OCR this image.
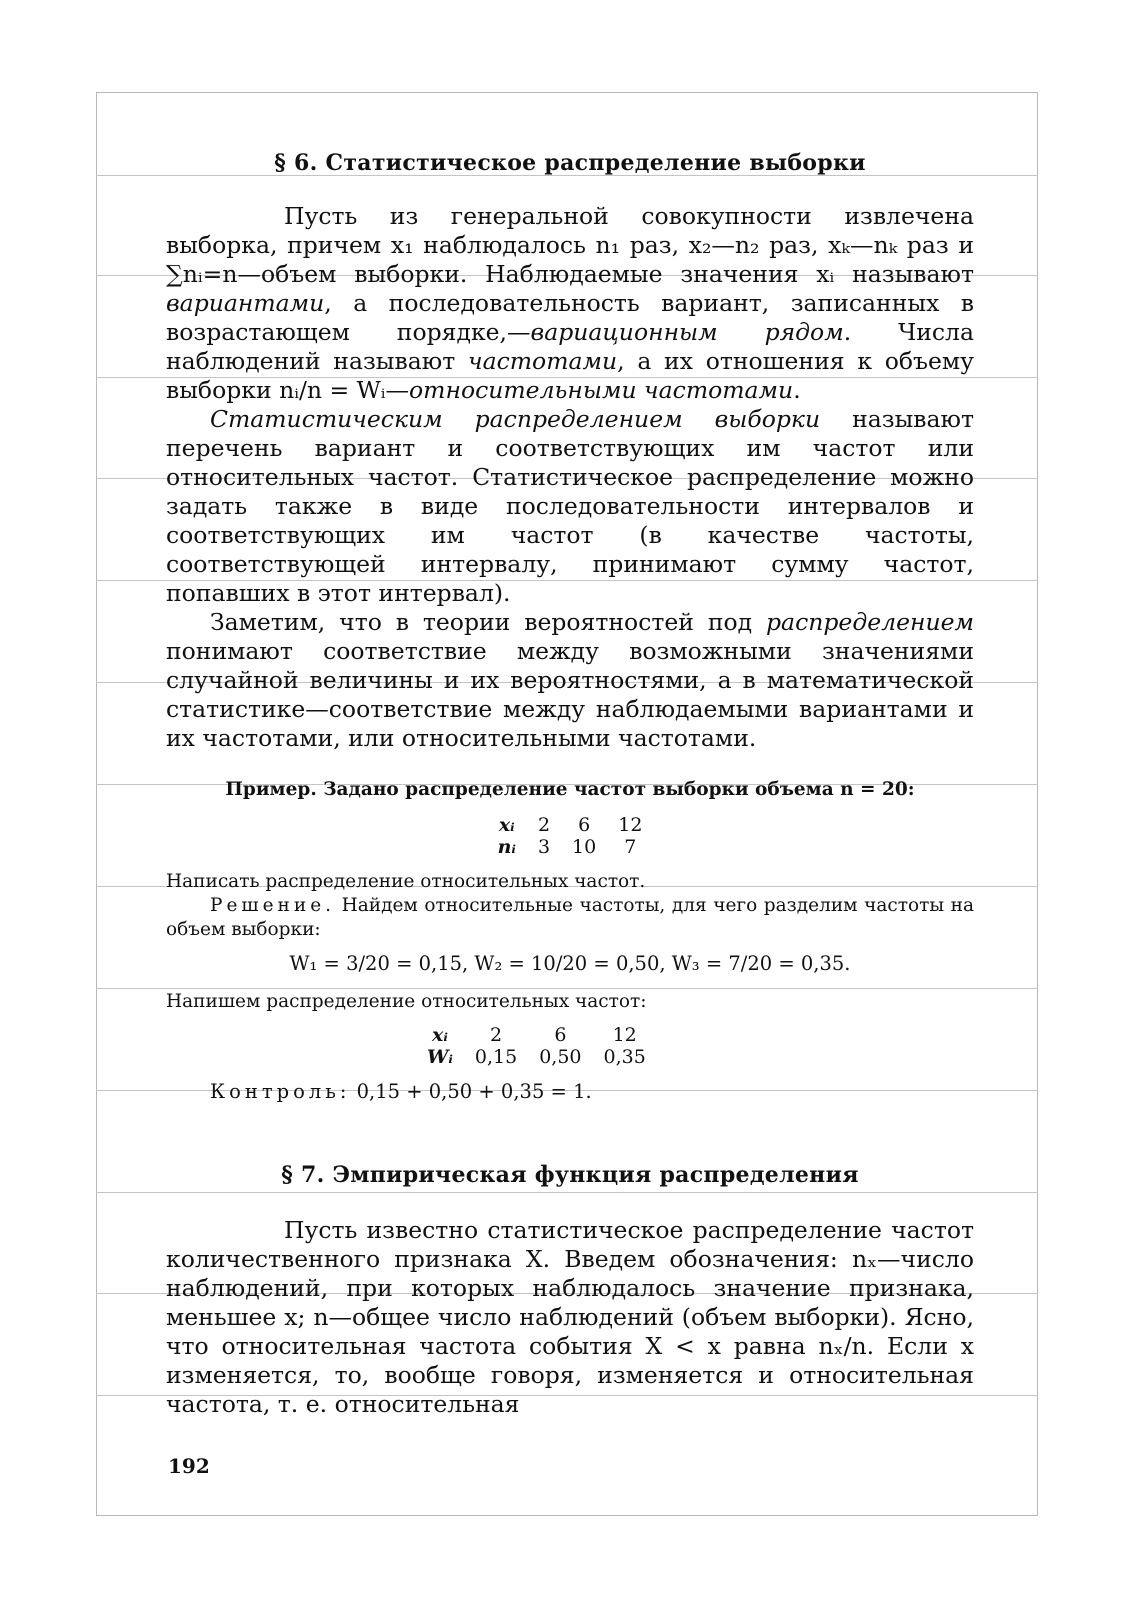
§ 6. Статистическое распределение выборки

Пусть из генеральной совокупности извлечена выборка, причем x₁ наблюдалось n₁ раз, x₂—n₂ раз, xₖ—nₖ раз и ∑nᵢ=n—объем выборки. Наблюдаемые значения xᵢ называют вариантами, а последовательность вариант, записанных в возрастающем порядке,—вариационным рядом. Числа наблюдений называют частотами, а их отношения к объему выборки nᵢ/n = Wᵢ—относительными частотами.

Статистическим распределением выборки называют перечень вариант и соответствующих им частот или относительных частот. Статистическое распределение можно задать также в виде последовательности интервалов и соответствующих им частот (в качестве частоты, соответствующей интервалу, принимают сумму частот, попавших в этот интервал).

Заметим, что в теории вероятностей под распределением понимают соответствие между возможными значениями случайной величины и их вероятностями, а в математической статистике—соответствие между наблюдаемыми вариантами и их частотами, или относительными частотами.

Пример. Задано распределение частот выборки объема n = 20:

xᵢ	2	6	12
nᵢ	3	10	7

Написать распределение относительных частот.

Решение. Найдем относительные частоты, для чего разделим частоты на объем выборки:

W₁ = 3/20 = 0,15, W₂ = 10/20 = 0,50, W₃ = 7/20 = 0,35.

Напишем распределение относительных частот:

xᵢ	2	6	12
Wᵢ	0,15	0,50	0,35

Контроль: 0,15 + 0,50 + 0,35 = 1.

§ 7. Эмпирическая функция распределения

Пусть известно статистическое распределение частот количественного признака X. Введем обозначения: nₓ—число наблюдений, при которых наблюдалось значение признака, меньшее x; n—общее число наблюдений (объем выборки). Ясно, что относительная частота события X < x равна nₓ/n. Если x изменяется, то, вообще говоря, изменяется и относительная частота, т. е. относительная

192
